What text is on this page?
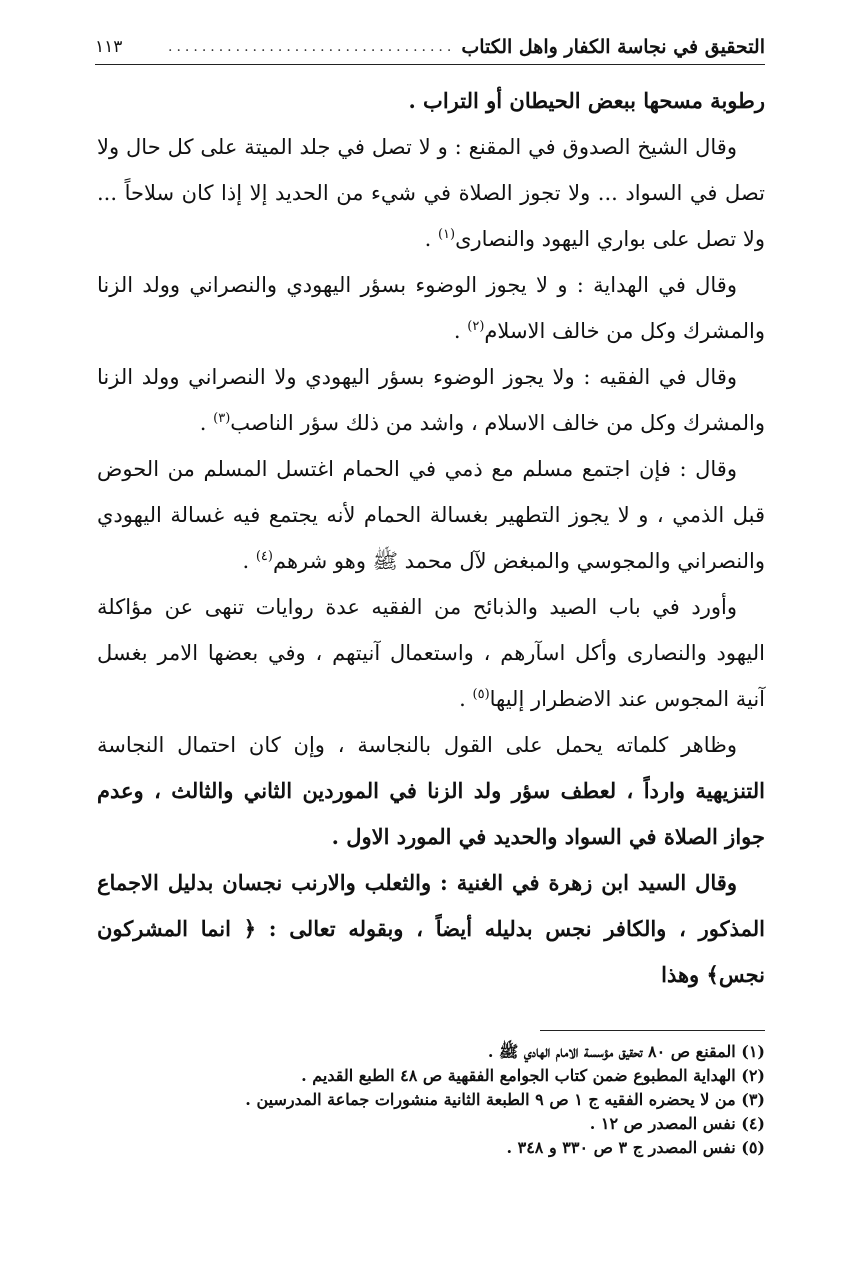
التحقيق في نجاسة الكفار واهل الكتاب
..................................
١١٣

رطوبة مسحها ببعض الحيطان أو التراب .

وقال الشيخ الصدوق في المقنع : و لا تصل في جلد الميتة على كل حال ولا تصل في السواد ... ولا تجوز الصلاة في شيء من الحديد إلا إذا كان سلاحاً ... ولا تصل على بواري اليهود والنصارى$^{(١)}$ .

وقال في الهداية : و لا يجوز الوضوء بسؤر اليهودي والنصراني وولد الزنا والمشرك وكل من خالف الاسلام$^{(٢)}$ .

وقال في الفقيه : ولا يجوز الوضوء بسؤر اليهودي ولا النصراني وولد الزنا والمشرك وكل من خالف الاسلام ، واشد من ذلك سؤر الناصب$^{(٣)}$ .

وقال : فإن اجتمع مسلم مع ذمي في الحمام اغتسل المسلم من الحوض قبل الذمي ، و لا يجوز التطهير بغسالة الحمام لأنه يجتمع فيه غسالة اليهودي والنصراني والمجوسي والمبغض لآل محمد ﷺ وهو شرهم$^{(٤)}$ .

وأورد في باب الصيد والذبائح من الفقيه عدة روايات تنهى عن مؤاكلة اليهود والنصارى وأكل اسآرهم ، واستعمال آنيتهم ، وفي بعضها الامر بغسل آنية المجوس عند الاضطرار إليها$^{(٥)}$ .

وظاهر كلماته يحمل على القول بالنجاسة ، وإن كان احتمال النجاسة التنزيهية وارداً ، لعطف سؤر ولد الزنا في الموردين الثاني والثالث ، وعدم جواز الصلاة في السواد والحديد في المورد الاول .

وقال السيد ابن زهرة في الغنية : والثعلب والارنب نجسان بدليل الاجماع المذكور ، والكافر نجس بدليله أيضاً ، وبقوله تعالى : ﴿ انما المشركون نجس﴾ وهذا

(١) المقنع ص ٨٠ تحقيق مؤسسة الامام الهادي ﷺ .
(٢) الهداية المطبوع ضمن كتاب الجوامع الفقهية ص ٤٨ الطبع القديم .
(٣) من لا يحضره الفقيه ج ١ ص ٩ الطبعة الثانية منشورات جماعة المدرسين .
(٤) نفس المصدر ص ١٢ .
(٥) نفس المصدر ج ٣ ص ٣٣٠ و ٣٤٨ .
